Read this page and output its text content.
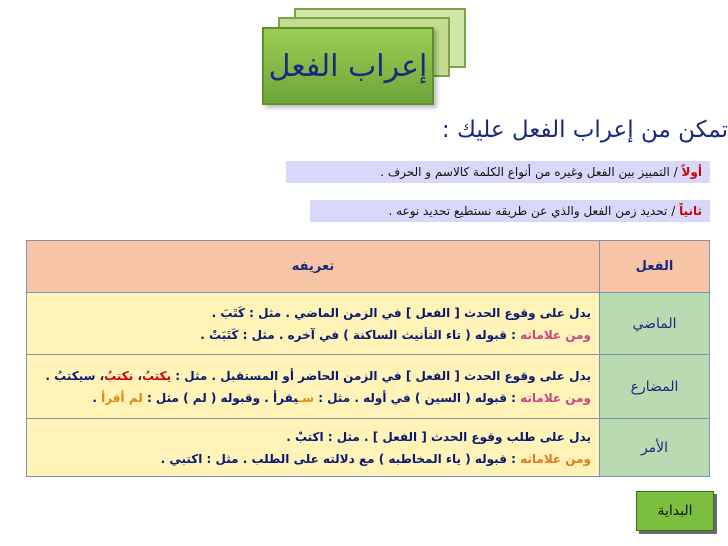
إعراب الفعل
تمكن من إعراب الفعل عليك :
أولاً / التمييز بين الفعل وغيره من أنواع الكلمة كالاسم و الحرف .
ثانياً / تحديد زمن الفعل والذي عن طريقه نستطيع تحديد نوعه .
الفعل	تعريفه
الماضي	يدل على وقوع الحدث [ الفعل ] في الزمن الماضي . مثل : كَتَبَ .
ومن علاماته : قبوله ( تاء التأنيث الساكنة ) في آخره . مثل : كَتَبَتْ .

المضارع	يدل على وقوع الحدث [ الفعل ] في الزمن الحاضر أو المستقبل . مثل : يكتبُ، نكتبُ، سيكتبُ .
ومن علاماته : قبوله ( السين ) في أوله . مثل : سـيقرأ . وقبوله ( لم ) مثل : لم أقرأ .

الأمر	يدل على طلب وقوع الحدث [ الفعل ] . مثل : اكتبْ .
ومن علاماته : قبوله ( ياء المخاطبه ) مع دلالته على الطلب . مثل : اكتبي .
البداية
